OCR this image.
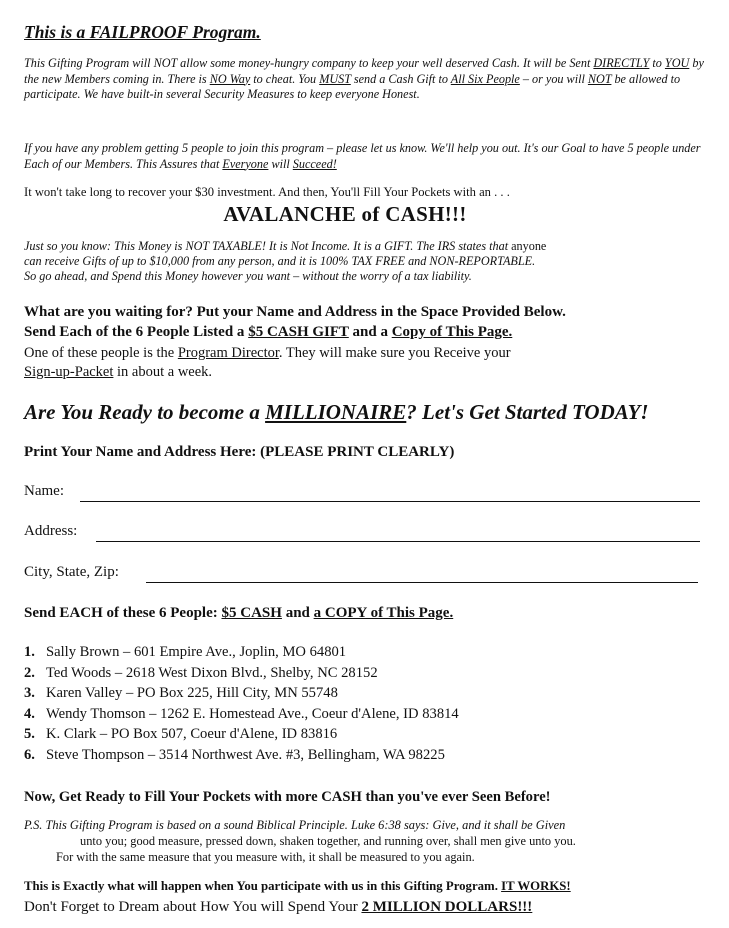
This is a FAILPROOF Program.
This Gifting Program will NOT allow some money-hungry company to keep your well deserved Cash. It will be Sent DIRECTLY to YOU by the new Members coming in. There is NO Way to cheat. You MUST send a Cash Gift to All Six People – or you will NOT be allowed to participate. We have built-in several Security Measures to keep everyone Honest.
If you have any problem getting 5 people to join this program – please let us know. We'll help you out. It's our Goal to have 5 people under Each of our Members. This Assures that Everyone will Succeed!
It won't take long to recover your $30 investment. And then, You'll Fill Your Pockets with an . . .
AVALANCHE of CASH!!!
Just so you know: This Money is NOT TAXABLE! It is Not Income. It is a GIFT. The IRS states that anyone
can receive Gifts of up to $10,000 from any person, and it is 100% TAX FREE and NON-REPORTABLE.
So go ahead, and Spend this Money however you want – without the worry of a tax liability.
What are you waiting for? Put your Name and Address in the Space Provided Below.
Send Each of the 6 People Listed a $5 CASH GIFT and a Copy of This Page.
One of these people is the Program Director. They will make sure you Receive your
Sign-up-Packet in about a week.
Are You Ready to become a MILLIONAIRE? Let's Get Started TODAY!
Print Your Name and Address Here: (PLEASE PRINT CLEARLY)
Name:
Address:
City, State, Zip:
Send EACH of these 6 People: $5 CASH and a COPY of This Page.
1. Sally Brown – 601 Empire Ave., Joplin, MO 64801
2. Ted Woods – 2618 West Dixon Blvd., Shelby, NC 28152
3. Karen Valley – PO Box 225, Hill City, MN 55748
4. Wendy Thomson – 1262 E. Homestead Ave., Coeur d'Alene, ID 83814
5. K. Clark – PO Box 507, Coeur d'Alene, ID 83816
6. Steve Thompson – 3514 Northwest Ave. #3, Bellingham, WA 98225
Now, Get Ready to Fill Your Pockets with more CASH than you've ever Seen Before!
P.S. This Gifting Program is based on a sound Biblical Principle. Luke 6:38 says: Give, and it shall be Given
unto you; good measure, pressed down, shaken together, and running over, shall men give unto you.
For with the same measure that you measure with, it shall be measured to you again.
This is Exactly what will happen when You participate with us in this Gifting Program. IT WORKS!
Don't Forget to Dream about How You will Spend Your 2 MILLION DOLLARS!!!
